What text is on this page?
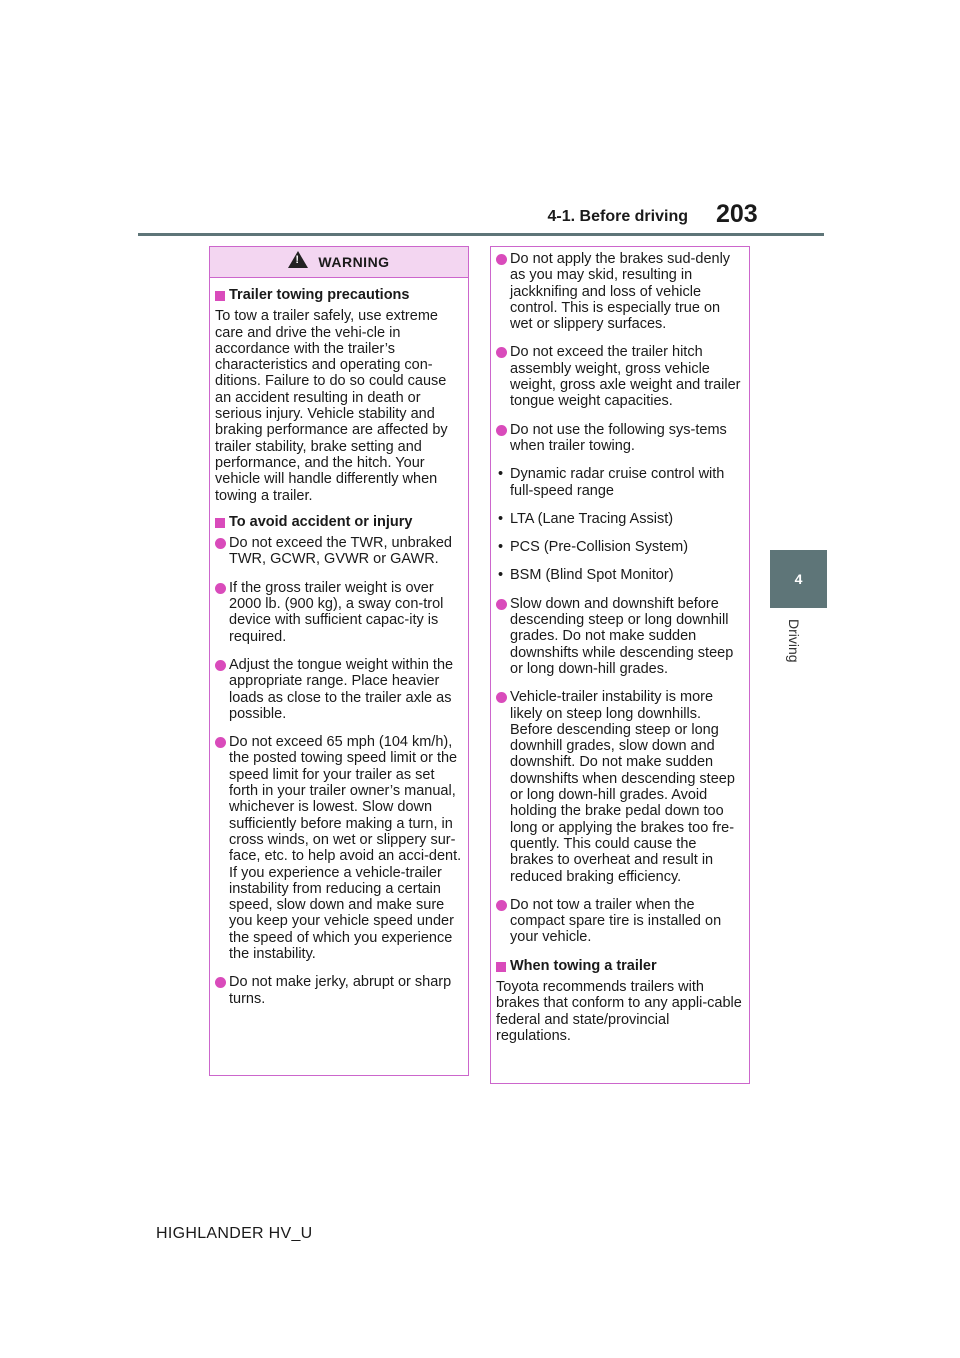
4-1. Before driving 203
4
Driving
!WARNING
Trailer towing precautions
To tow a trailer safely, use extreme care and drive the vehi-cle in accordance with the trailer’s characteristics and operating con-ditions. Failure to do so could cause an accident resulting in death or serious injury. Vehicle stability and braking performance are affected by trailer stability, brake setting and performance, and the hitch. Your vehicle will handle differently when towing a trailer.
To avoid accident or injury
Do not exceed the TWR, unbraked TWR, GCWR, GVWR or GAWR.
If the gross trailer weight is over 2000 lb. (900 kg), a sway con-trol device with sufficient capac-ity is required.
Adjust the tongue weight within the appropriate range. Place heavier loads as close to the trailer axle as possible.
Do not exceed 65 mph (104 km/h), the posted towing speed limit or the speed limit for your trailer as set forth in your trailer owner’s manual, whichever is lowest. Slow down sufficiently before making a turn, in cross winds, on wet or slippery sur-face, etc. to help avoid an acci-dent. If you experience a vehicle-trailer instability from reducing a certain speed, slow down and make sure you keep your vehicle speed under the speed of which you experience the instability.
Do not make jerky, abrupt or sharp turns.
Do not apply the brakes sud-denly as you may skid, resulting in jackknifing and loss of vehicle control. This is especially true on wet or slippery surfaces.
Do not exceed the trailer hitch assembly weight, gross vehicle weight, gross axle weight and trailer tongue weight capacities.
Do not use the following sys-tems when trailer towing.
• Dynamic radar cruise control with full-speed range
• LTA (Lane Tracing Assist)
• PCS (Pre-Collision System)
• BSM (Blind Spot Monitor)
Slow down and downshift before descending steep or long downhill grades. Do not make sudden downshifts while descending steep or long down-hill grades.
Vehicle-trailer instability is more likely on steep long downhills. Before descending steep or long downhill grades, slow down and downshift. Do not make sudden downshifts when descending steep or long down-hill grades. Avoid holding the brake pedal down too long or applying the brakes too fre-quently. This could cause the brakes to overheat and result in reduced braking efficiency.
Do not tow a trailer when the compact spare tire is installed on your vehicle.
When towing a trailer
Toyota recommends trailers with brakes that conform to any appli-cable federal and state/provincial regulations.
HIGHLANDER HV_U
